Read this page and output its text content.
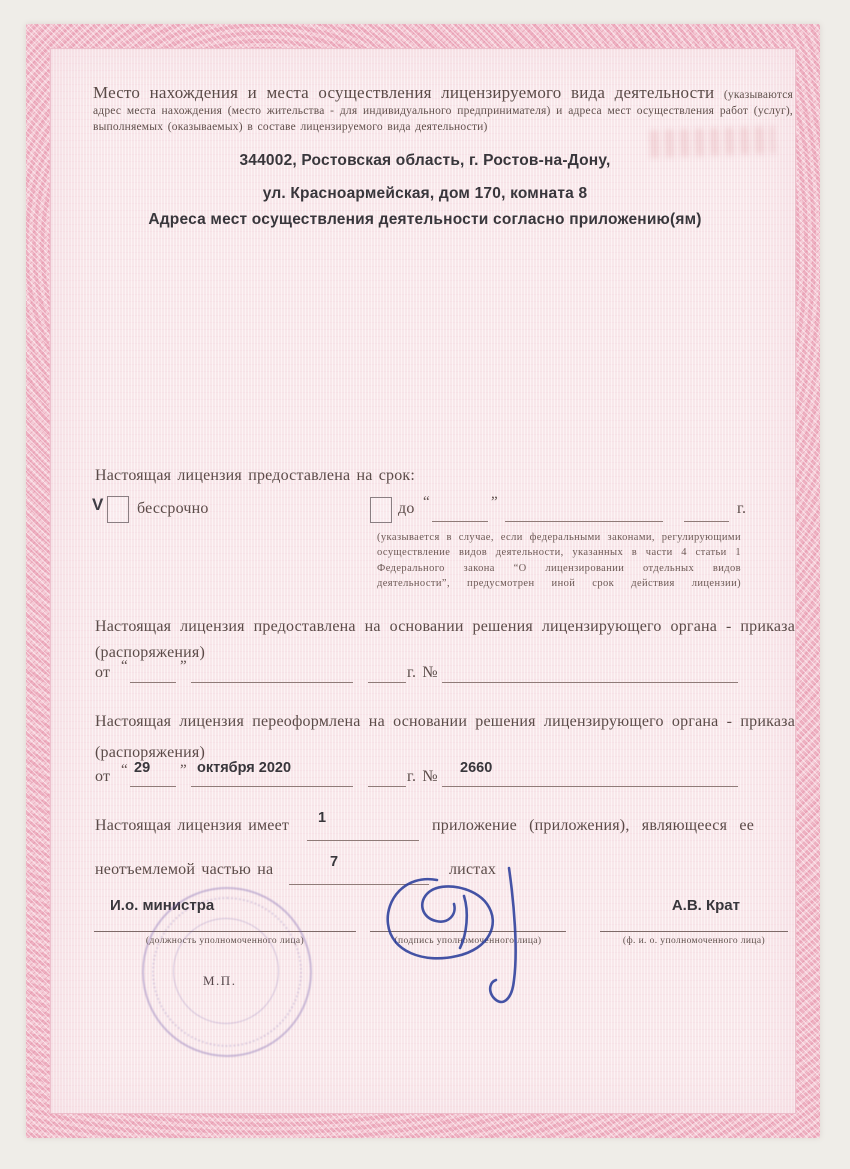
Место нахождения и места осуществления лицензируемого вида деятельности (указываются адрес места нахождения (место жительства - для индивидуального предпринимателя) и адреса мест осуществления работ (услуг), выполняемых (оказываемых) в составе лицензируемого вида деятельности)

344002, Ростовская область, г. Ростов-на-Дону,
ул. Красноармейская, дом 170, комната 8
Адреса мест осуществления деятельности согласно приложению(ям)
Настоящая лицензия предоставлена на срок:
V бессрочно	до “	”	г.
(указывается в случае, если федеральными законами, регулирующими осуществление видов деятельности, указанных в части 4 статьи 1 Федерального закона “О лицензировании отдельных видов деятельности”, предусмотрен иной срок действия лицензии)
Настоящая лицензия предоставлена на основании решения лицензирующего органа - приказа (распоряжения)
от “	”	г. №
Настоящая лицензия переоформлена на основании решения лицензирующего органа - приказа (распоряжения)
от “ 29 ” октября 2020	г. № 2660
Настоящая лицензия имеет 1	приложение (приложения), являющееся ее
неотъемлемой частью на	7	листах
И.о. министра	А.В. Крат
(должность уполномоченного лица)	(подпись уполномоченного лица)	(ф. и. о. уполномоченного лица)
М.П.
